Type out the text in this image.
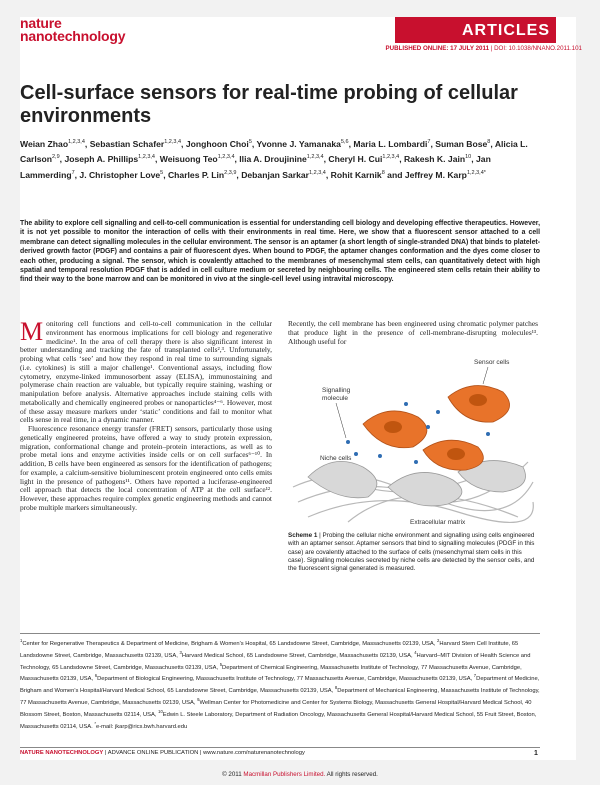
nature
nanotechnology	ARTICLES
PUBLISHED ONLINE: 17 JULY 2011 | DOI: 10.1038/NNANO.2011.101
Cell-surface sensors for real-time probing of cellular environments
Weian Zhao$^{1,2,3,4}$, Sebastian Schafer$^{1,2,3,4}$, Jonghoon Choi$^5$, Yvonne J. Yamanaka$^{5,6}$, Maria L. Lombardi$^7$, Suman Bose$^8$, Alicia L. Carlson$^{2,9}$, Joseph A. Phillips$^{1,2,3,4}$, Weisuong Teo$^{1,2,3,4}$, Ilia A. Droujinine$^{1,2,3,4}$, Cheryl H. Cui$^{1,2,3,4}$, Rakesh K. Jain$^{10}$, Jan Lammerding$^7$, J. Christopher Love$^5$, Charles P. Lin$^{2,3,9}$, Debanjan Sarkar$^{1,2,3,4}$, Rohit Karnik$^8$ and Jeffrey M. Karp$^{1,2,3,4*}$
The ability to explore cell signalling and cell-to-cell communication is essential for understanding cell biology and developing effective therapeutics. However, it is not yet possible to monitor the interaction of cells with their environments in real time. Here, we show that a fluorescent sensor attached to a cell membrane can detect signalling molecules in the cellular environment. The sensor is an aptamer (a short length of single-stranded DNA) that binds to platelet-derived growth factor (PDGF) and contains a pair of fluorescent dyes. When bound to PDGF, the aptamer changes conformation and the dyes come closer to each other, producing a signal. The sensor, which is covalently attached to the membranes of mesenchymal stem cells, can quantitatively detect with high spatial and temporal resolution PDGF that is added in cell culture medium or secreted by neighbouring cells. The engineered stem cells retain their ability to find their way to the bone marrow and can be monitored in vivo at the single-cell level using intravital microscopy.

Monitoring cell functions and cell-to-cell communication in the cellular environment has enormous implications for cell biology and regenerative medicine¹. In the area of cell therapy there is also significant interest in better understanding and tracking the fate of transplanted cells²,³. Unfortunately, probing what cells ‘see’ and how they respond in real time to surrounding signals (i.e. cytokines) is still a major challenge¹. Conventional assays, including flow cytometry, enzyme-linked immunosorbent assay (ELISA), immunostaining and polymerase chain reaction are valuable, but typically require staining, washing or manipulation before analysis. Alternative approaches include staining cells with metabolically and chemically engineered probes or nanoparticles⁴⁻⁶. However, most of these assay measure markers under ‘static’ conditions and fail to monitor what cells sense in real time, in a dynamic manner.

Fluorescence resonance energy transfer (FRET) sensors, particularly those using genetically engineered proteins, have offered a way to study protein expression, migration, conformational change and protein–protein interactions, as well as to probe metal ions and enzyme activities inside cells or on cell surfaces⁶⁻¹⁰. In addition, B cells have been engineered as sensors for the identification of pathogens; for example, a calcium-sensitive bioluminescent protein engineered onto cells emits light in the presence of pathogens¹¹. Others have reported a luciferase-engineered cell approach that detects the local concentration of ATP at the cell surface¹². However, these approaches require complex genetic engineering methods and cannot probe multiple markers simultaneously.

Recently, the cell membrane has been engineered using chromatic polymer patches that produce light in the presence of cell-membrane-disrupting molecules¹³. Although useful for

Sensor cells
Signalling
molecule
Niche cells
Extracellular matrix
Scheme 1 | Probing the cellular niche environment and signalling using cells engineered with an aptamer sensor. Aptamer sensors that bind to signalling molecules (PDGF in this case) are covalently attached to the surface of cells (mesenchymal stem cells in this case). Signalling molecules secreted by niche cells are detected by the sensor cells, and the fluorescent signal generated is measured.
$^1$Center for Regenerative Therapeutics & Department of Medicine, Brigham & Women's Hospital, 65 Landsdowne Street, Cambridge, Massachusetts 02139, USA, $^2$Harvard Stem Cell Institute, 65 Landsdowne Street, Cambridge, Massachusetts 02139, USA, $^3$Harvard Medical School, 65 Landsdowne Street, Cambridge, Massachusetts 02139, USA, $^4$Harvard–MIT Division of Health Science and Technology, 65 Landsdowne Street, Cambridge, Massachusetts 02139, USA, $^5$Department of Chemical Engineering, Massachusetts Institute of Technology, 77 Massachusetts Avenue, Cambridge, Massachusetts 02139, USA, $^6$Department of Biological Engineering, Massachusetts Institute of Technology, 77 Massachusetts Avenue, Cambridge, Massachusetts 02139, USA, $^7$Department of Medicine, Brigham and Women's Hospital/Harvard Medical School, 65 Landsdowne Street, Cambridge, Massachusetts 02139, USA, $^8$Department of Mechanical Engineering, Massachusetts Institute of Technology, 77 Massachusetts Avenue, Cambridge, Massachusetts 02139, USA, $^9$Wellman Center for Photomedicine and Center for Systems Biology, Massachusetts General Hospital/Harvard Medical School, 40 Blossom Street, Boston, Massachusetts 02114, USA, $^{10}$Edwin L. Steele Laboratory, Department of Radiation Oncology, Massachusetts General Hospital/Harvard Medical School, 55 Fruit Street, Boston, Massachusetts 02114, USA. *e-mail: jkarp@rics.bwh.harvard.edu
NATURE NANOTECHNOLOGY | ADVANCE ONLINE PUBLICATION | www.nature.com/naturenanotechnology	1
© 2011 Macmillan Publishers Limited. All rights reserved.
